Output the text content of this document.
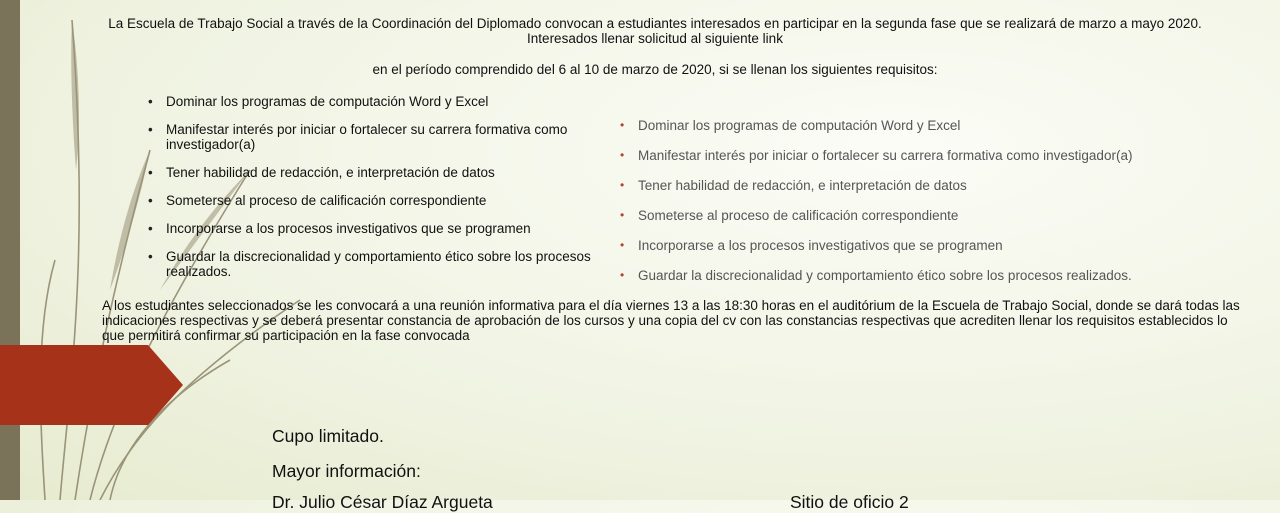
La Escuela de Trabajo Social a través de la Coordinación del Diplomado convocan a estudiantes interesados en participar en la segunda fase que se realizará de marzo a mayo 2020. Interesados llenar solicitud al siguiente link
en el período comprendido del 6 al 10 de marzo de 2020, si se llenan los siguientes requisitos:
• Dominar los programas de computación Word y Excel
• Manifestar interés por iniciar o fortalecer su carrera formativa como investigador(a)
• Tener habilidad de redacción, e interpretación de datos
• Someterse al proceso de calificación correspondiente
• Incorporarse a los procesos investigativos que se programen
• Guardar la discrecionalidad y comportamiento ético sobre los procesos realizados.
• Dominar los programas de computación Word y Excel
• Manifestar interés por iniciar o fortalecer su carrera formativa como investigador(a)
• Tener habilidad de redacción, e interpretación de datos
• Someterse al proceso de calificación correspondiente
• Incorporarse a los procesos investigativos que se programen
• Guardar la discrecionalidad y comportamiento ético sobre los procesos realizados.
A los estudiantes seleccionados se les convocará a una reunión informativa para el día viernes 13 a las 18:30 horas en el auditórium de la Escuela de Trabajo Social, donde se dará todas las indicaciones respectivas y se deberá presentar constancia de aprobación de los cursos y una copia del cv con las constancias respectivas que acrediten llenar los requisitos establecidos lo que permitirá confirmar su participación en la fase convocada
Cupo limitado.
Mayor información:
Dr. Julio César Díaz Argueta	Sitio de oficio 2
